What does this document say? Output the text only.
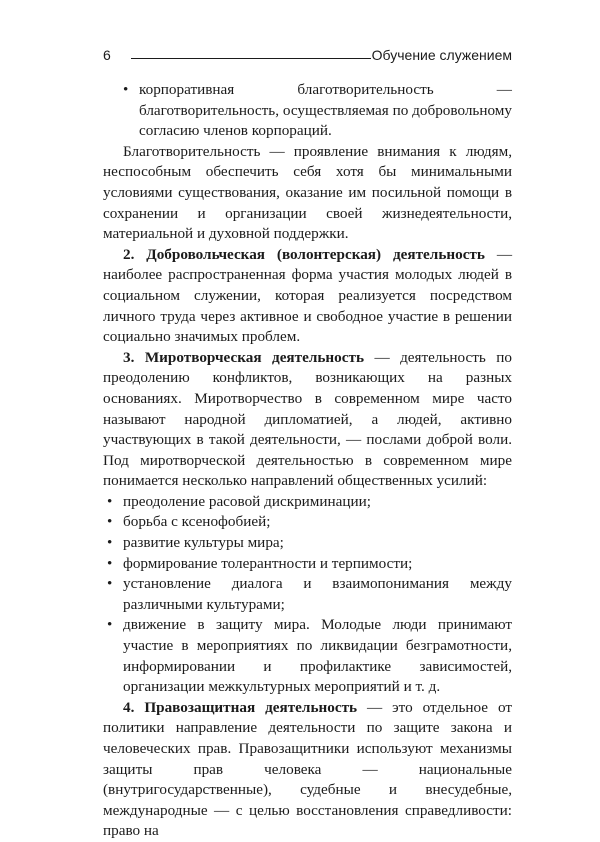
6	Обучение служением
• корпоративная благотворительность — благотворительность, осуществляемая по добровольному согласию членов корпораций.

Благотворительность — проявление внимания к людям, неспособным обеспечить себя хотя бы минимальными условиями существования, оказание им посильной помощи в сохранении и организации своей жизнедеятельности, материальной и духовной поддержки.

2. Добровольческая (волонтерская) деятельность — наиболее распространенная форма участия молодых людей в социальном служении, которая реализуется посредством личного труда через активное и свободное участие в решении социально значимых проблем.

3. Миротворческая деятельность — деятельность по преодолению конфликтов, возникающих на разных основаниях. Миротворчество в современном мире часто называют народной дипломатией, а людей, активно участвующих в такой деятельности, — послами доброй воли. Под миротворческой деятельностью в современном мире понимается несколько направлений общественных усилий:

• преодоление расовой дискриминации;
• борьба с ксенофобией;
• развитие культуры мира;
• формирование толерантности и терпимости;
• установление диалога и взаимопонимания между различными культурами;
• движение в защиту мира. Молодые люди принимают участие в мероприятиях по ликвидации безграмотности, информировании и профилактике зависимостей, организации межкультурных мероприятий и т. д.

4. Правозащитная деятельность — это отдельное от политики направление деятельности по защите закона и человеческих прав. Правозащитники используют механизмы защиты прав человека — национальные (внутригосударственные), судебные и внесудебные, международные — с целью восстановления справедливости: право на
